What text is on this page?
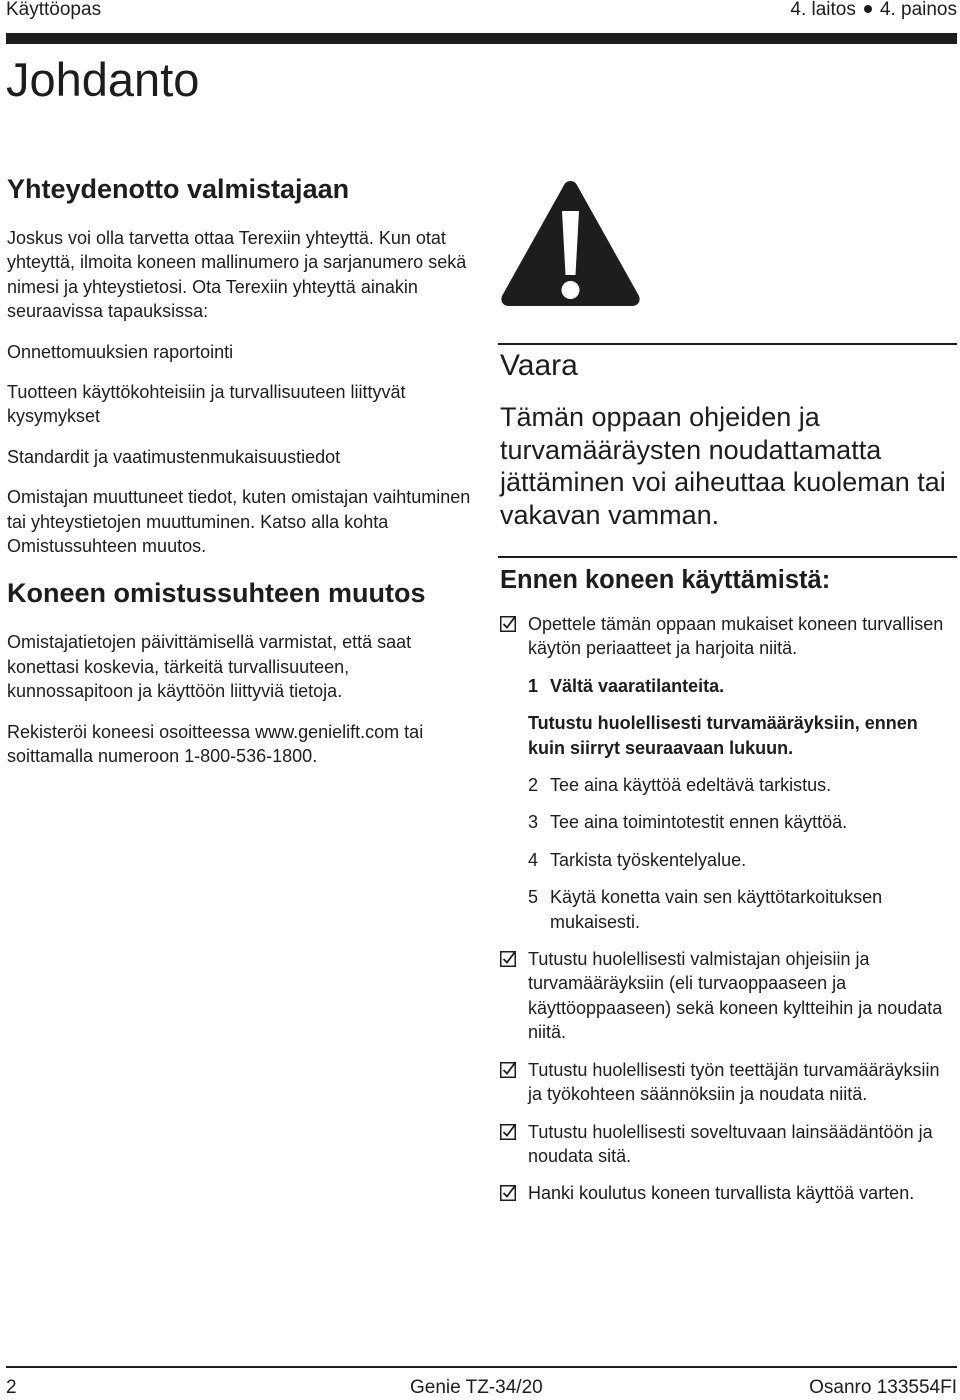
Käyttöopas	4. laitos 4. painos
Johdanto
Yhteydenotto valmistajaan

Joskus voi olla tarvetta ottaa Terexiin yhteyttä. Kun otat yhteyttä, ilmoita koneen mallinumero ja sarjanumero sekä nimesi ja yhteystietosi. Ota Terexiin yhteyttä ainakin seuraavissa tapauksissa:

Onnettomuuksien raportointi

Tuotteen käyttökohteisiin ja turvallisuuteen liittyvät kysymykset

Standardit ja vaatimustenmukaisuustiedot

Omistajan muuttuneet tiedot, kuten omistajan vaihtuminen tai yhteystietojen muuttuminen. Katso alla kohta Omistussuhteen muutos.

Koneen omistussuhteen muutos

Omistajatietojen päivittämisellä varmistat, että saat konettasi koskevia, tärkeitä turvallisuuteen, kunnossapitoon ja käyttöön liittyviä tietoja.

Rekisteröi koneesi osoitteessa www.genielift.com tai soittamalla numeroon 1-800-536-1800.

Vaara
Tämän oppaan ohjeiden ja turvamääräysten noudattamatta jättäminen voi aiheuttaa kuoleman tai vakavan vamman.
Ennen koneen käyttämistä:
Opettele tämän oppaan mukaiset koneen turvallisen käytön periaatteet ja harjoita niitä.
1 Vältä vaaratilanteita.
Tutustu huolellisesti turvamääräyksiin, ennen kuin siirryt seuraavaan lukuun.
2 Tee aina käyttöä edeltävä tarkistus.
3 Tee aina toimintotestit ennen käyttöä.
4 Tarkista työskentelyalue.
5 Käytä konetta vain sen käyttötarkoituksen mukaisesti.
Tutustu huolellisesti valmistajan ohjeisiin ja turvamääräyksiin (eli turvaoppaaseen ja käyttöoppaaseen) sekä koneen kyltteihin ja noudata niitä.
Tutustu huolellisesti työn teettäjän turvamääräyksiin ja työkohteen säännöksiin ja noudata niitä.
Tutustu huolellisesti soveltuvaan lainsäädäntöön ja noudata sitä.
Hanki koulutus koneen turvallista käyttöä varten.
2	Genie TZ-34/20	Osanro 133554FI
